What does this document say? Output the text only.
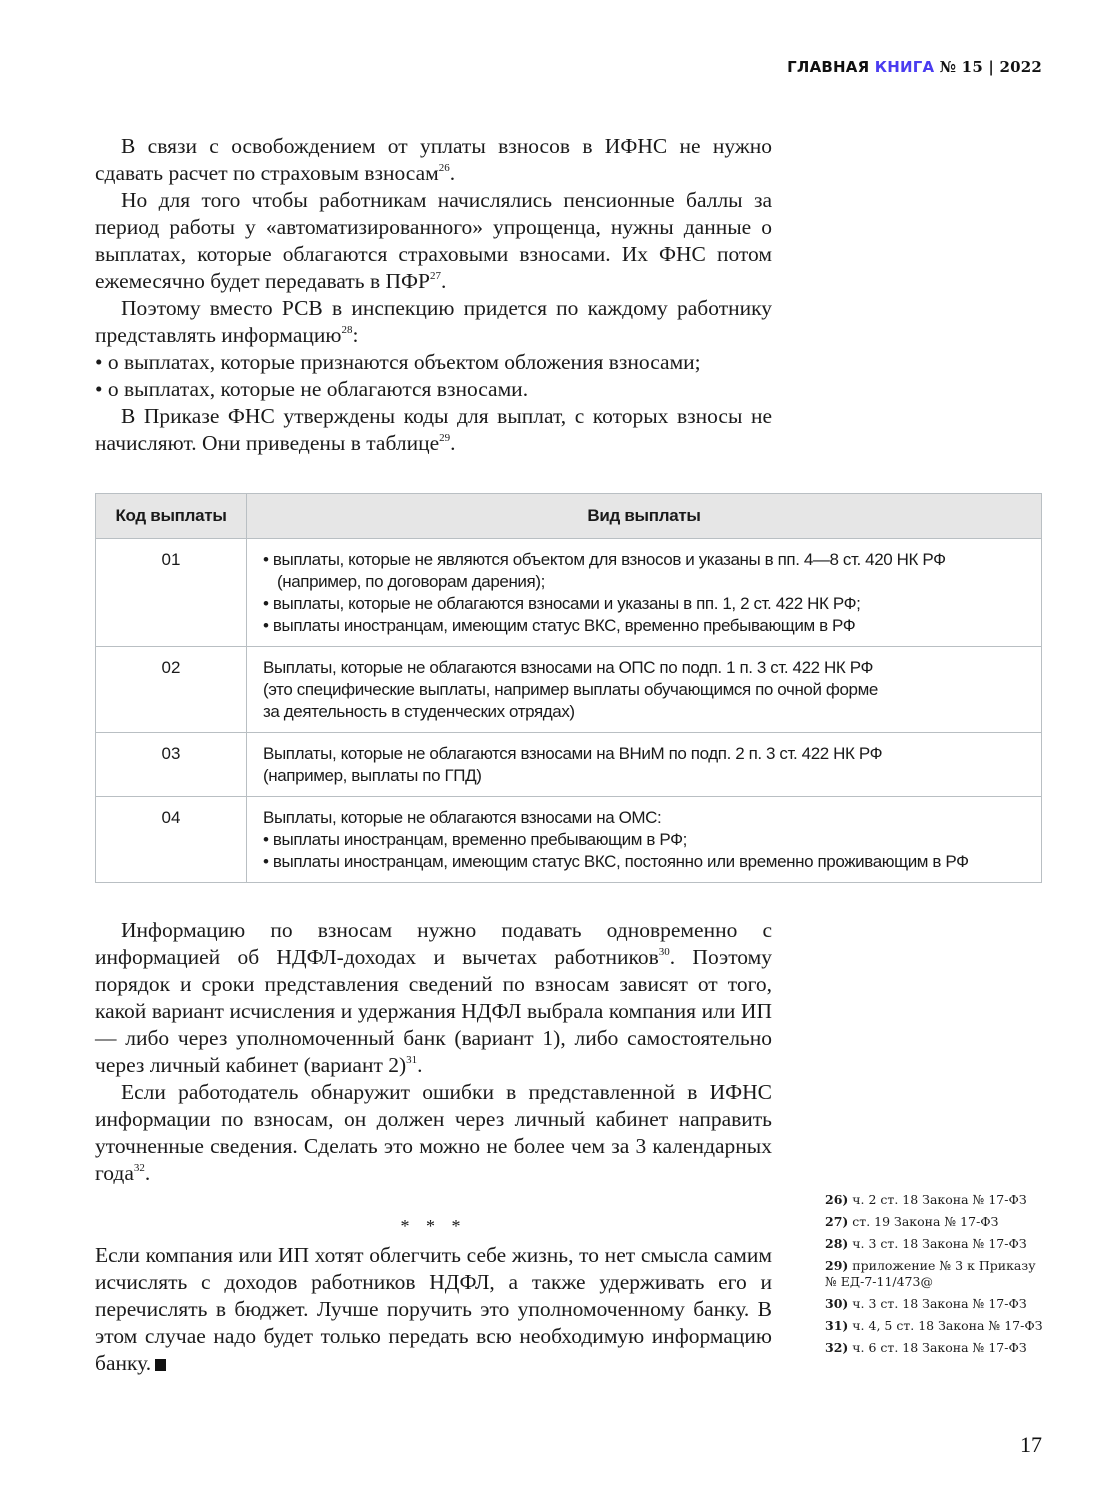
ГЛАВНАЯ КНИГА № 15 | 2022

В связи с освобождением от уплаты взносов в ИФНС не нужно сдавать расчет по страховым взносам$^{26}$.

Но для того чтобы работникам начислялись пенсионные баллы за период работы у «автоматизированного» упрощенца, нужны данные о выплатах, которые облагаются страховыми взносами. Их ФНС потом ежемесячно будет передавать в ПФР$^{27}$.

Поэтому вместо РСВ в инспекцию придется по каждому работнику представлять информацию$^{28}$:

• о выплатах, которые признаются объектом обложения взносами;

• о выплатах, которые не облагаются взносами.

В Приказе ФНС утверждены коды для выплат, с которых взносы не начисляют. Они приведены в таблице$^{29}$.

Код выплаты	Вид выплаты
01	• выплаты, которые не являются объектом для взносов и указаны в пп. 4—8 ст. 420 НК РФ (например, по договорам дарения);
• выплаты, которые не облагаются взносами и указаны в пп. 1, 2 ст. 422 НК РФ;
• выплаты иностранцам, имеющим статус ВКС, временно пребывающим в РФ

02	Выплаты, которые не облагаются взносами на ОПС по подп. 1 п. 3 ст. 422 НК РФ
(это специфические выплаты, например выплаты обучающимся по очной форме
за деятельность в студенческих отрядах)

03	Выплаты, которые не облагаются взносами на ВНиМ по подп. 2 п. 3 ст. 422 НК РФ
(например, выплаты по ГПД)

04	Выплаты, которые не облагаются взносами на ОМС:
• выплаты иностранцам, временно пребывающим в РФ;
• выплаты иностранцам, имеющим статус ВКС, постоянно или временно проживающим в РФ

Информацию по взносам нужно подавать одновременно с информацией об НДФЛ-доходах и вычетах работников$^{30}$. Поэтому порядок и сроки представления сведений по взносам зависят от того, какой вариант исчисления и удержания НДФЛ выбрала компания или ИП — либо через уполномоченный банк (вариант 1), либо самостоятельно через личный кабинет (вариант 2)$^{31}$.

Если работодатель обнаружит ошибки в представленной в ИФНС информации по взносам, он должен через личный кабинет направить уточненные сведения. Сделать это можно не более чем за 3 календарных года$^{32}$.

* * *

Если компания или ИП хотят облегчить себе жизнь, то нет смысла самим исчислять с доходов работников НДФЛ, а также удерживать его и перечислять в бюджет. Лучше поручить это уполномоченному банку. В этом случае надо будет только передать всю необходимую информацию банку.

26) ч. 2 ст. 18 Закона № 17-ФЗ
27) ст. 19 Закона № 17-ФЗ
28) ч. 3 ст. 18 Закона № 17-ФЗ
29) приложение № 3 к Приказу № ЕД-7-11/473@
30) ч. 3 ст. 18 Закона № 17-ФЗ
31) ч. 4, 5 ст. 18 Закона № 17-ФЗ
32) ч. 6 ст. 18 Закона № 17-ФЗ
17
